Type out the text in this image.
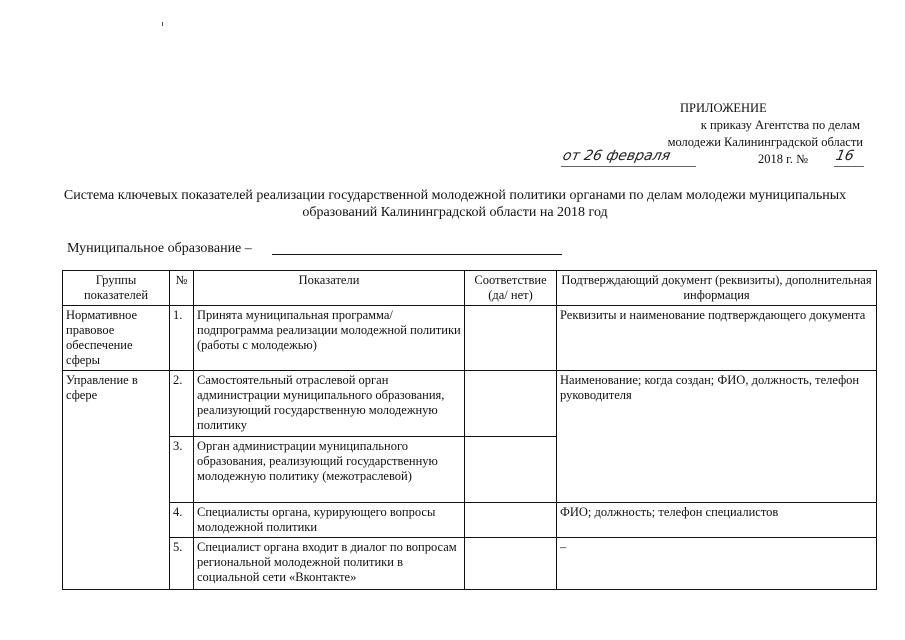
ПРИЛОЖЕНИЕ
к приказу Агентства по делам
молодежи Калининградской области
от 26 февраля	2018 г. № 16
Система ключевых показателей реализации государственной молодежной политики органами по делам молодежи муниципальных образований Калининградской области на 2018 год
Муниципальное образование –
Группы показателей	№	Показатели	Соответствие (да/ нет)	Подтверждающий документ (реквизиты), дополнительная информация
Нормативное правовое обеспечение сферы	1.	Принята муниципальная программа/подпрограмма реализации молодежной политики (работы с молодежью)		Реквизиты и наименование подтверждающего документа
Управление в сфере	2.	Самостоятельный отраслевой орган администрации муниципального образования, реализующий государственную молодежную политику		Наименование; когда создан; ФИО, должность, телефон руководителя
	3.	Орган администрации муниципального образования, реализующий государственную молодежную политику (межотраслевой)		
	4.	Специалисты органа, курирующего вопросы молодежной политики		ФИО; должность; телефон специалистов
	5.	Специалист органа входит в диалог по вопросам региональной молодежной политики в социальной сети «Вконтакте»		–
